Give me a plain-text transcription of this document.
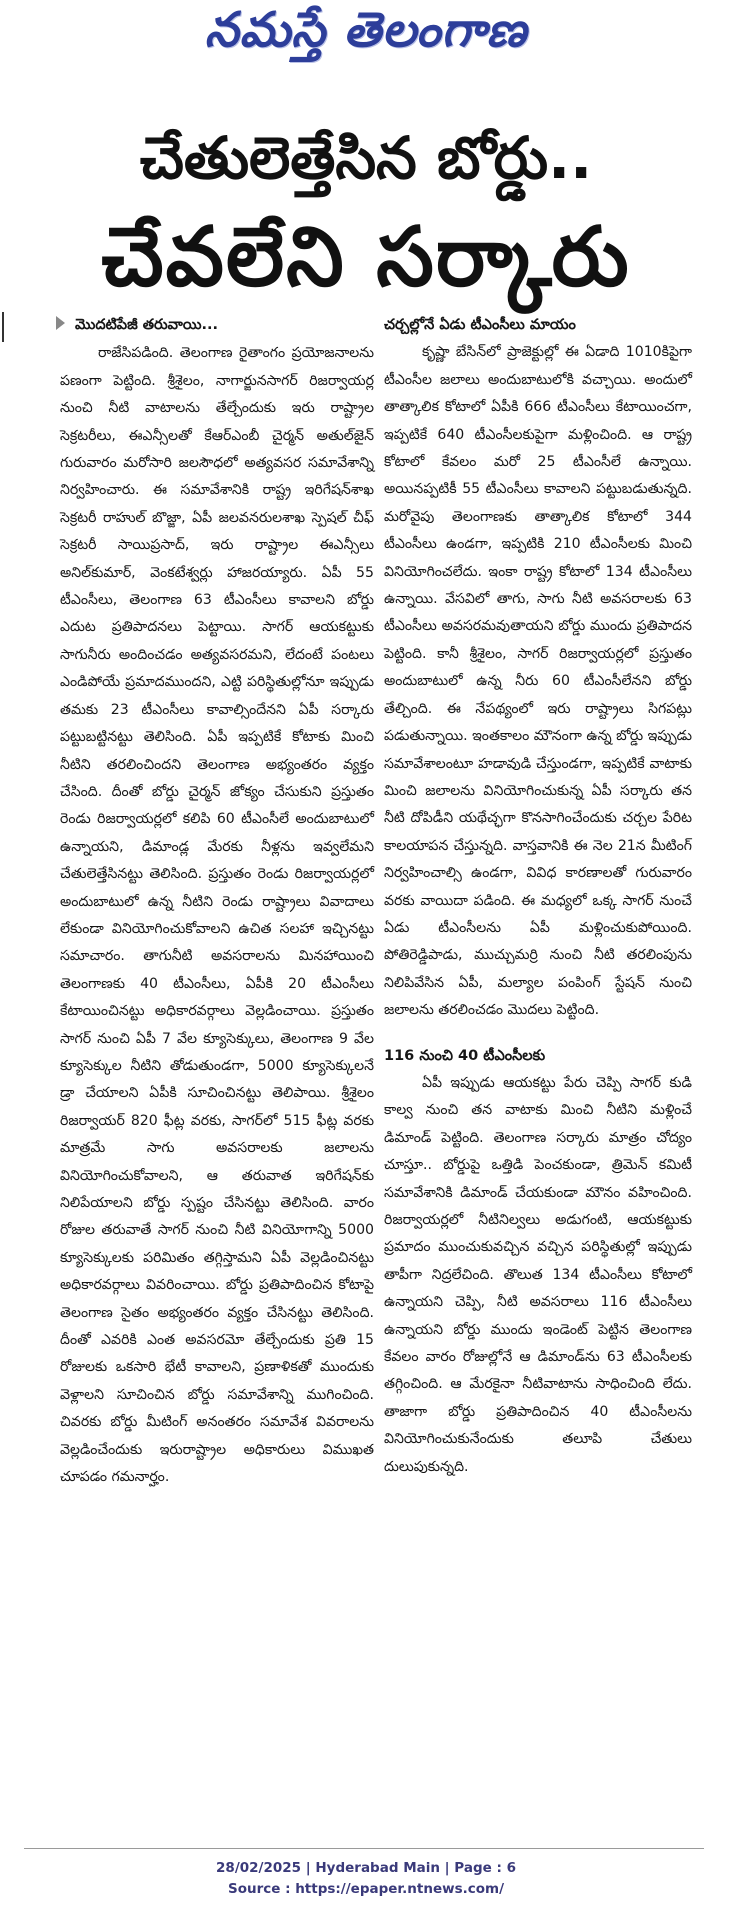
నమస్తే తెలంగాణ
చేతులెత్తేసిన బోర్డు..
చేవలేని సర్కారు
మొదటిపేజీ తరువాయి...
రాజేసిపడింది. తెలంగాణ రైతాంగం ప్రయోజనాలను పణంగా పెట్టింది. శ్రీశైలం, నాగార్జునసాగర్ రిజర్వాయర్ల నుంచి నీటి వాటాలను తేల్చేందుకు ఇరు రాష్ట్రాల సెక్రటరీలు, ఈఎన్సీలతో కేఆర్ఎంబీ చైర్మన్ అతుల్‌జైన్ గురువారం మరోసారి జలసౌధలో అత్యవసర సమావేశాన్ని నిర్వహించారు. ఈ సమావేశానికి రాష్ట్ర ఇరిగేషన్‌శాఖ సెక్రటరీ రాహుల్ బొజ్జా, ఏపీ జలవనరులశాఖ స్పెషల్ చీఫ్ సెక్రటరీ సాయిప్రసాద్, ఇరు రాష్ట్రాల ఈఎన్సీలు అనిల్‌కుమార్, వెంకటేశ్వర్లు హాజరయ్యారు. ఏపీ 55 టీఎంసీలు, తెలంగాణ 63 టీఎంసీలు కావాలని బోర్డు ఎదుట ప్రతిపాదనలు పెట్టాయి. సాగర్ ఆయకట్టుకు సాగునీరు అందించడం అత్యవసరమని, లేదంటే పంటలు ఎండిపోయే ప్రమాదముందని, ఎట్టి పరిస్థితుల్లోనూ ఇప్పుడు తమకు 23 టీఎంసీలు కావాల్సిందేనని ఏపీ సర్కారు పట్టుబట్టినట్టు తెలిసింది. ఏపీ ఇప్పటికే కోటాకు మించి నీటిని తరలించిందని తెలంగాణ అభ్యంతరం వ్యక్తం చేసింది. దీంతో బోర్డు చైర్మన్ జోక్యం చేసుకుని ప్రస్తుతం రెండు రిజర్వాయర్లలో కలిపి 60 టీఎంసీలే అందుబాటులో ఉన్నాయని, డిమాండ్ల మేరకు నీళ్లను ఇవ్వలేమని చేతులెత్తేసినట్టు తెలిసింది. ప్రస్తుతం రెండు రిజర్వాయర్లలో అందుబాటులో ఉన్న నీటిని రెండు రాష్ట్రాలు వివాదాలు లేకుండా వినియోగించుకోవాలని ఉచిత సలహా ఇచ్చినట్టు సమాచారం. తాగునీటి అవసరాలను మినహాయించి తెలంగాణకు 40 టీఎంసీలు, ఏపీకి 20 టీఎంసీలు కేటాయించినట్టు అధికారవర్గాలు వెల్లడించాయి. ప్రస్తుతం సాగర్ నుంచి ఏపీ 7 వేల క్యూసెక్కులు, తెలంగాణ 9 వేల క్యూసెక్కుల నీటిని తోడుతుండగా, 5000 క్యూసెక్కులనే డ్రా చేయాలని ఏపీకి సూచించినట్టు తెలిపాయి. శ్రీశైలం రిజర్వాయర్ 820 ఫీట్ల వరకు, సాగర్‌లో 515 ఫీట్ల వరకు మాత్రమే సాగు అవసరాలకు జలాలను వినియోగించుకోవాలని, ఆ తరువాత ఇరిగేషన్‌కు నిలిపేయాలని బోర్డు స్పష్టం చేసినట్టు తెలిసింది. వారం రోజుల తరువాతే సాగర్ నుంచి నీటి వినియోగాన్ని 5000 క్యూసెక్కులకు పరిమితం తగ్గిస్తామని ఏపీ వెల్లడించినట్టు అధికారవర్గాలు వివరించాయి. బోర్డు ప్రతిపాదించిన కోటాపై తెలంగాణ సైతం అభ్యంతరం వ్యక్తం చేసినట్టు తెలిసింది. దీంతో ఎవరికి ఎంత అవసరమో తేల్చేందుకు ప్రతి 15 రోజులకు ఒకసారి భేటీ కావాలని, ప్రణాళికతో ముందుకు వెళ్లాలని సూచించిన బోర్డు సమావేశాన్ని ముగించింది. చివరకు బోర్డు మీటింగ్ అనంతరం సమావేశ వివరాలను వెల్లడించేందుకు ఇరురాష్ట్రాల అధికారులు విముఖత చూపడం గమనార్హం.
చర్చల్లోనే ఏడు టీఎంసీలు మాయం
కృష్ణా బేసిన్‌లో ప్రాజెక్టుల్లో ఈ ఏడాది 1010కిపైగా టీఎంసీల జలాలు అందుబాటులోకి వచ్చాయి. అందులో తాత్కాలిక కోటాలో ఏపీకి 666 టీఎంసీలు కేటాయించగా, ఇప్పటికే 640 టీఎంసీలకుపైగా మళ్లించింది. ఆ రాష్ట్ర కోటాలో కేవలం మరో 25 టీఎంసీలే ఉన్నాయి. అయినప్పటికీ 55 టీఎంసీలు కావాలని పట్టుబడుతున్నది. మరోవైపు తెలంగాణకు తాత్కాలిక కోటాలో 344 టీఎంసీలు ఉండగా, ఇప్పటికి 210 టీఎంసీలకు మించి వినియోగించలేదు. ఇంకా రాష్ట్ర కోటాలో 134 టీఎంసీలు ఉన్నాయి. వేసవిలో తాగు, సాగు నీటి అవసరాలకు 63 టీఎంసీలు అవసరమవుతాయని బోర్డు ముందు ప్రతిపాదన పెట్టింది. కానీ శ్రీశైలం, సాగర్ రిజర్వాయర్లలో ప్రస్తుతం అందుబాటులో ఉన్న నీరు 60 టీఎంసీలేనని బోర్డు తేల్చింది. ఈ నేపథ్యంలో ఇరు రాష్ట్రాలు సిగపట్లు పడుతున్నాయి. ఇంతకాలం మౌనంగా ఉన్న బోర్డు ఇప్పుడు సమావేశాలంటూ హడావుడి చేస్తుండగా, ఇప్పటికే వాటాకు మించి జలాలను వినియోగించుకున్న ఏపీ సర్కారు తన నీటి దోపిడీని యథేచ్ఛగా కొనసాగించేందుకు చర్చల పేరిట కాలయాపన చేస్తున్నది. వాస్తవానికి ఈ నెల 21న మీటింగ్ నిర్వహించాల్సి ఉండగా, వివిధ కారణాలతో గురువారం వరకు వాయిదా పడింది. ఈ మధ్యలో ఒక్క సాగర్ నుంచే ఏడు టీఎంసీలను ఏపీ మళ్లించుకుపోయింది. పోతిరెడ్డిపాడు, ముచ్చుమర్రి నుంచి నీటి తరలింపును నిలిపివేసిన ఏపీ, మల్యాల పంపింగ్ స్టేషన్ నుంచి జలాలను తరలించడం మొదలు పెట్టింది.
116 నుంచి 40 టీఎంసీలకు
ఏపీ ఇప్పుడు ఆయకట్టు పేరు చెప్పి సాగర్ కుడి కాల్వ నుంచి తన వాటాకు మించి నీటిని మళ్లించే డిమాండ్ పెట్టింది. తెలంగాణ సర్కారు మాత్రం చోద్యం చూస్తూ.. బోర్డుపై ఒత్తిడి పెంచకుండా, త్రిమెన్ కమిటీ సమావేశానికి డిమాండ్ చేయకుండా మౌనం వహించింది. రిజర్వాయర్లలో నీటినిల్వలు అడుగంటి, ఆయకట్టుకు ప్రమాదం ముంచుకువచ్చిన వచ్చిన పరిస్థితుల్లో ఇప్పుడు తాపీగా నిద్రలేచింది. తొలుత 134 టీఎంసీలు కోటాలో ఉన్నాయని చెప్పి, నీటి అవసరాలు 116 టీఎంసీలు ఉన్నాయని బోర్డు ముందు ఇండెంట్ పెట్టిన తెలంగాణ కేవలం వారం రోజుల్లోనే ఆ డిమాండ్‌ను 63 టీఎంసీలకు తగ్గించింది. ఆ మేరకైనా నీటివాటాను సాధించింది లేదు. తాజాగా బోర్డు ప్రతిపాదించిన 40 టీఎంసీలను వినియోగించుకునేందుకు తలూపి చేతులు దులుపుకున్నది.
28/02/2025 | Hyderabad Main | Page : 6
Source : https://epaper.ntnews.com/
